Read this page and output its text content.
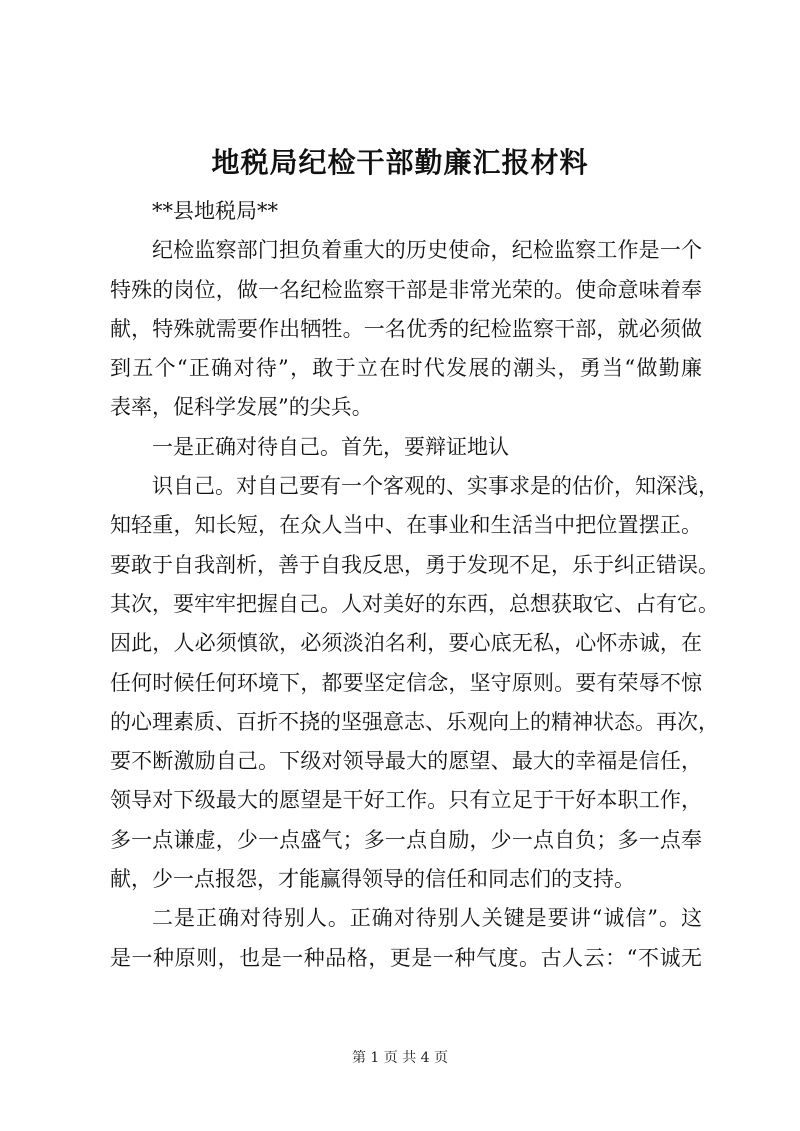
地税局纪检干部勤廉汇报材料
**县地税局**
纪检监察部门担负着重大的历史使命，纪检监察工作是一个
特殊的岗位，做一名纪检监察干部是非常光荣的。使命意味着奉
献，特殊就需要作出牺牲。一名优秀的纪检监察干部，就必须做
到五个“正确对待”，敢于立在时代发展的潮头，勇当“做勤廉
表率，促科学发展”的尖兵。
一是正确对待自己。首先，要辩证地认
识自己。对自己要有一个客观的、实事求是的估价，知深浅，
知轻重，知长短，在众人当中、在事业和生活当中把位置摆正。
要敢于自我剖析，善于自我反思，勇于发现不足，乐于纠正错误。
其次，要牢牢把握自己。人对美好的东西，总想获取它、占有它。
因此，人必须慎欲，必须淡泊名利，要心底无私，心怀赤诚，在
任何时候任何环境下，都要坚定信念，坚守原则。要有荣辱不惊
的心理素质、百折不挠的坚强意志、乐观向上的精神状态。再次，
要不断激励自己。下级对领导最大的愿望、最大的幸福是信任，
领导对下级最大的愿望是干好工作。只有立足于干好本职工作，
多一点谦虚，少一点盛气；多一点自励，少一点自负；多一点奉
献，少一点报怨，才能赢得领导的信任和同志们的支持。
二是正确对待别人。正确对待别人关键是要讲“诚信”。这
是一种原则，也是一种品格，更是一种气度。古人云：“不诚无
第 1 页 共 4 页
